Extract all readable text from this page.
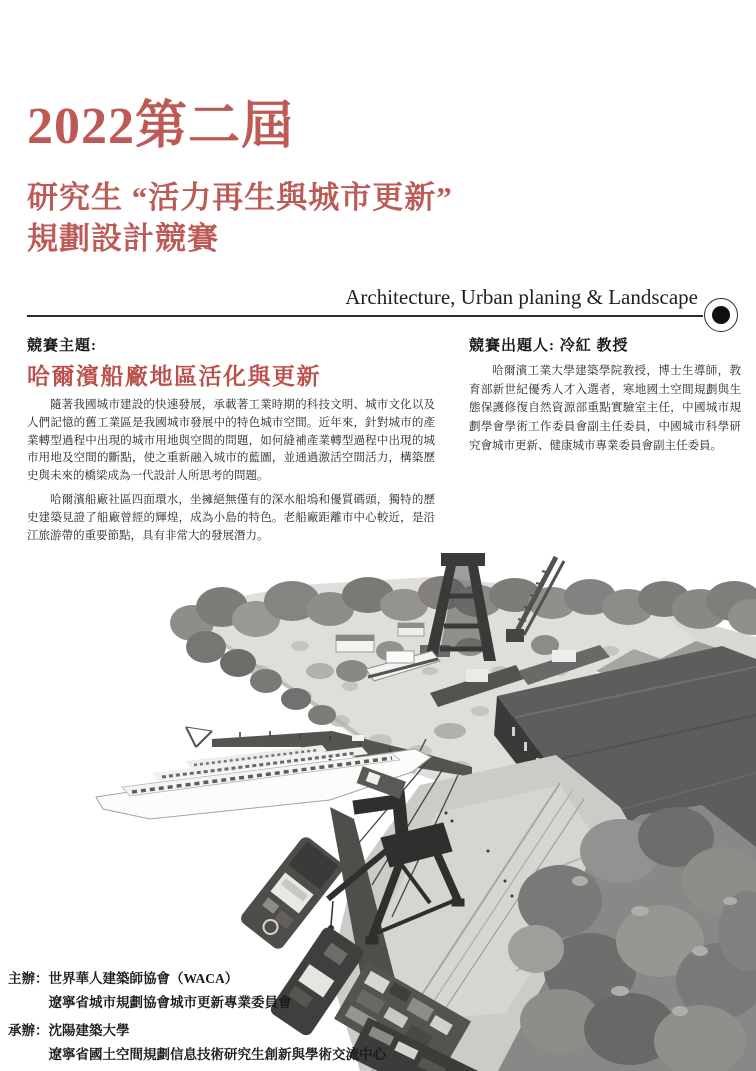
2022第二屆
研究生 “活力再生與城市更新”
規劃設計競賽
Architecture, Urban planing & Landscape
競賽主題:
哈爾濱船廠地區活化與更新

隨著我國城市建設的快速發展，承載著工業時期的科技文明、城市文化以及人們記憶的舊工業區是我國城市發展中的特色城市空間。近年來，針對城市的產業轉型過程中出現的城市用地與空間的問題，如何縫補產業轉型過程中出現的城市用地及空間的斷點，使之重新融入城市的藍圖，並通過激活空間活力，構築歷史與未來的橋梁成為一代設計人所思考的問題。

哈爾濱船廠社區四面環水，坐擁絕無僅有的深水船塢和優質碼頭，獨特的歷史建築見證了船廠曾經的輝煌，成為小島的特色。老船廠距離市中心較近，是沿江旅游帶的重要節點，具有非常大的發展潛力。

競賽出題人: 冷紅 教授

哈爾濱工業大學建築學院教授，博士生導師，教育部新世紀優秀人才入選者，寒地國土空間規劃與生態保護修復自然資源部重點實驗室主任，中國城市規劃學會學術工作委員會副主任委員，中國城市科學研究會城市更新、健康城市專業委員會副主任委員。

主辦： 世界華人建築師協會（WACA）
遼寧省城市規劃協會城市更新專業委員會
承辦： 沈陽建築大學
遼寧省國土空間規劃信息技術研究生創新與學術交流中心
